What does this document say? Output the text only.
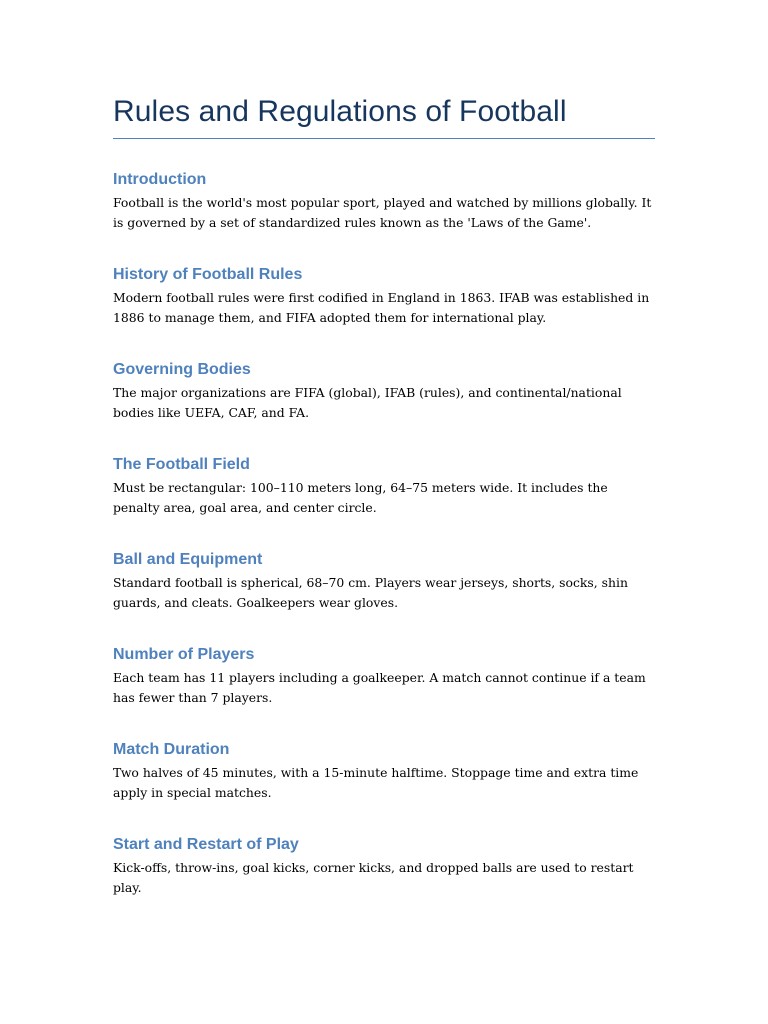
Rules and Regulations of Football
Introduction

Football is the world's most popular sport, played and watched by millions globally. It is governed by a set of standardized rules known as the 'Laws of the Game'.

History of Football Rules

Modern football rules were first codified in England in 1863. IFAB was established in 1886 to manage them, and FIFA adopted them for international play.

Governing Bodies

The major organizations are FIFA (global), IFAB (rules), and continental/national bodies like UEFA, CAF, and FA.

The Football Field

Must be rectangular: 100–110 meters long, 64–75 meters wide. It includes the penalty area, goal area, and center circle.

Ball and Equipment

Standard football is spherical, 68–70 cm. Players wear jerseys, shorts, socks, shin guards, and cleats. Goalkeepers wear gloves.

Number of Players

Each team has 11 players including a goalkeeper. A match cannot continue if a team has fewer than 7 players.

Match Duration

Two halves of 45 minutes, with a 15-minute halftime. Stoppage time and extra time apply in special matches.

Start and Restart of Play

Kick-offs, throw-ins, goal kicks, corner kicks, and dropped balls are used to restart play.
